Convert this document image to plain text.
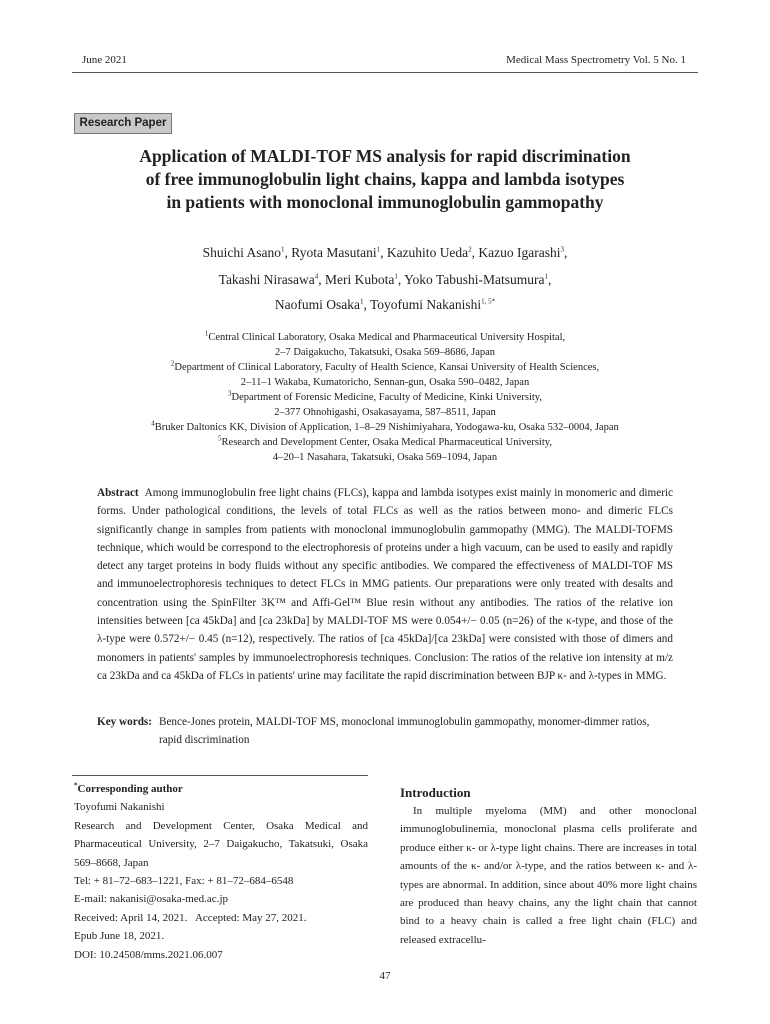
June 2021	Medical Mass Spectrometry Vol. 5 No. 1
Research Paper
Application of MALDI-TOF MS analysis for rapid discrimination
of free immunoglobulin light chains, kappa and lambda isotypes
in patients with monoclonal immunoglobulin gammopathy
Shuichi Asano$^1$, Ryota Masutani$^1$, Kazuhito Ueda$^2$, Kazuo Igarashi$^3$,
Takashi Nirasawa$^4$, Meri Kubota$^1$, Yoko Tabushi-Matsumura$^1$,
Naofumi Osaka$^1$, Toyofumi Nakanishi$^{1, 5*}$
$^1$Central Clinical Laboratory, Osaka Medical and Pharmaceutical University Hospital,
2–7 Daigakucho, Takatsuki, Osaka 569–8686, Japan
$^2$Department of Clinical Laboratory, Faculty of Health Science, Kansai University of Health Sciences,
2–11–1 Wakaba, Kumatoricho, Sennan-gun, Osaka 590–0482, Japan
$^3$Department of Forensic Medicine, Faculty of Medicine, Kinki University,
2–377 Ohnohigashi, Osakasayama, 587–8511, Japan
$^4$Bruker Daltonics KK, Division of Application, 1–8–29 Nishimiyahara, Yodogawa-ku, Osaka 532–0004, Japan
$^5$Research and Development Center, Osaka Medical Pharmaceutical University,
4–20–1 Nasahara, Takatsuki, Osaka 569–1094, Japan
Abstract Among immunoglobulin free light chains (FLCs), kappa and lambda isotypes exist mainly in monomeric and dimeric forms. Under pathological conditions, the levels of total FLCs as well as the ratios between mono- and dimeric FLCs significantly change in samples from patients with monoclonal immunoglobulin gammopathy (MMG). The MALDI-TOFMS technique, which would be correspond to the electrophoresis of proteins under a high vacuum, can be used to easily and rapidly detect any target proteins in body fluids without any specific antibodies. We compared the effectiveness of MALDI-TOF MS and immunoelectrophoresis techniques to detect FLCs in MMG patients. Our preparations were only treated with desalts and concentration using the SpinFilter 3K™ and Affi-Gel™ Blue resin without any antibodies. The ratios of the relative ion intensities between [ca 45kDa] and [ca 23kDa] by MALDI-TOF MS were 0.054+/− 0.05 (n=26) of the κ-type, and those of the λ-type were 0.572+/− 0.45 (n=12), respectively. The ratios of [ca 45kDa]/[ca 23kDa] were consisted with those of dimers and monomers in patients' samples by immunoelectrophoresis techniques. Conclusion: The ratios of the relative ion intensity at m/z ca 23kDa and ca 45kDa of FLCs in patients' urine may facilitate the rapid discrimination between BJP κ- and λ-types in MMG.
Key words: Bence-Jones protein, MALDI-TOF MS, monoclonal immunoglobulin gammopathy, monomer-dimmer ratios, rapid discrimination
*Corresponding author
Toyofumi Nakanishi
Research and Development Center, Osaka Medical and Pharmaceutical University, 2–7 Daigakucho, Takatsuki, Osaka 569–8668, Japan
Tel: + 81–72–683–1221, Fax: + 81–72–684–6548
E-mail: nakanisi@osaka-med.ac.jp
Received: April 14, 2021.   Accepted: May 27, 2021.
Epub June 18, 2021.
DOI: 10.24508/mms.2021.06.007
Introduction
In multiple myeloma (MM) and other monoclonal immunoglobulinemia, monoclonal plasma cells proliferate and produce either κ- or λ-type light chains. There are increases in total amounts of the κ- and/or λ-type, and the ratios between κ- and λ-types are abnormal. In addition, since about 40% more light chains are produced than heavy chains, any the light chain that cannot bind to a heavy chain is called a free light chain (FLC) and released extracellu-
47
